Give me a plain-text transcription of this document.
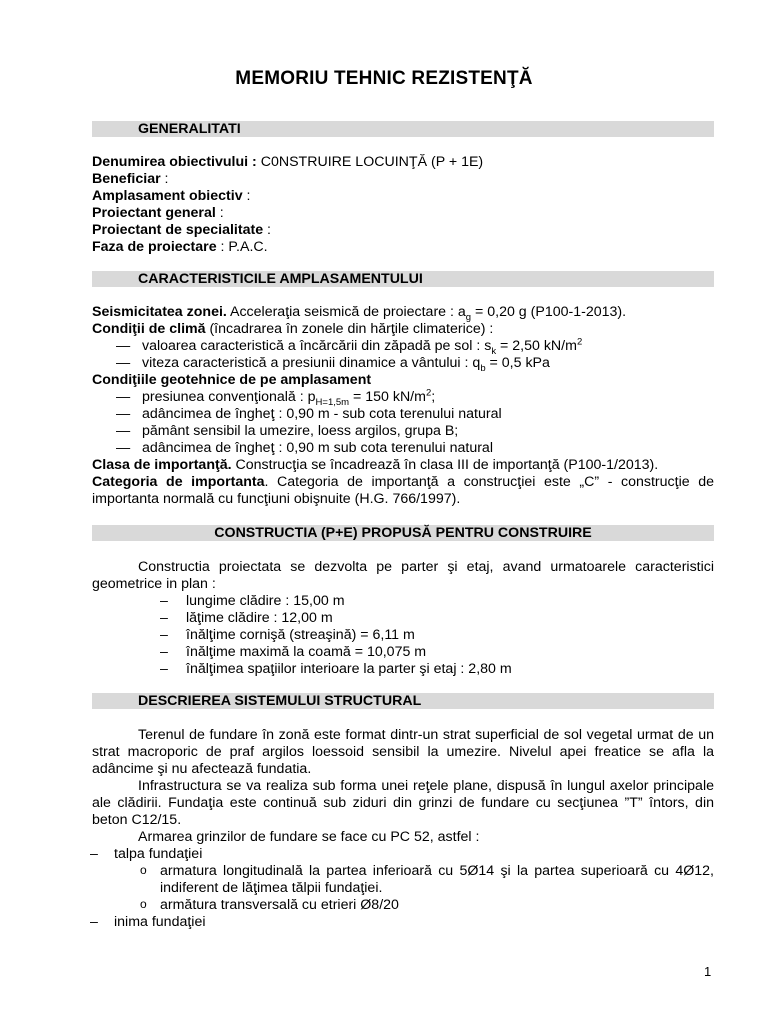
MEMORIU TEHNIC REZISTENŢĂ
GENERALITATI
Denumirea obiectivului : C0NSTRUIRE LOCUINŢĂ (P + 1E)
Beneficiar :
Amplasament obiectiv :
Proiectant general :
Proiectant de specialitate :
Faza de proiectare : P.A.C.
CARACTERISTICILE AMPLASAMENTULUI
Seismicitatea zonei. Acceleraţia seismică de proiectare : $a_g = 0,20$ g (P100-1-2013).
Condiţii de climă (încadrarea în zonele din hărţile climaterice) :
— valoarea caracteristică a încărcării din zăpadă pe sol : $s_k = 2,50$ $kN/m^2$
— viteza caracteristică a presiunii dinamice a vântului : $q_b = 0,5$ kPa
Condiţiile geotehnice de pe amplasament
— presiunea convenţională : $p_{H=1,5m} = 150$ $kN/m^2$;
— adâncimea de îngheţ : 0,90 m - sub cota terenului natural
— pământ sensibil la umezire, loess argilos, grupa B;
— adâncimea de îngheţ : 0,90 m sub cota terenului natural
Clasa de importanţă. Construcţia se încadrează în clasa III de importanţă (P100-1/2013).
Categoria de importanta. Categoria de importanţă a construcţiei este „C” - construcţie de importanta normală cu funcţiuni obişnuite (H.G. 766/1997).
CONSTRUCTIA (P+E) PROPUSĂ PENTRU CONSTRUIRE
Constructia proiectata se dezvolta pe parter şi etaj, avand urmatoarele caracteristici geometrice in plan :
– lungime clădire : 15,00 m
– lăţime clădire : 12,00 m
– înălţime cornişă (streaşină) = 6,11 m
– înălţime maximă la coamă = 10,075 m
– înălţimea spaţiilor interioare la parter şi etaj : 2,80 m
DESCRIEREA SISTEMULUI STRUCTURAL
Terenul de fundare în zonă este format dintr-un strat superficial de sol vegetal urmat de un strat macroporic de praf argilos loessoid sensibil la umezire. Nivelul apei freatice se afla la adâncime şi nu afectează fundatia.
Infrastructura se va realiza sub forma unei reţele plane, dispusă în lungul axelor principale ale clădirii. Fundaţia este continuă sub ziduri din grinzi de fundare cu secţiunea ”T” întors, din beton C12/15.
Armarea grinzilor de fundare se face cu PC 52, astfel :
– talpa fundaţiei
o armatura longitudinală la partea inferioară cu 5Ø14 şi la partea superioară cu 4Ø12, indiferent de lăţimea tălpii fundaţiei.
o armătura transversală cu etrieri Ø8/20
– inima fundaţiei
1
